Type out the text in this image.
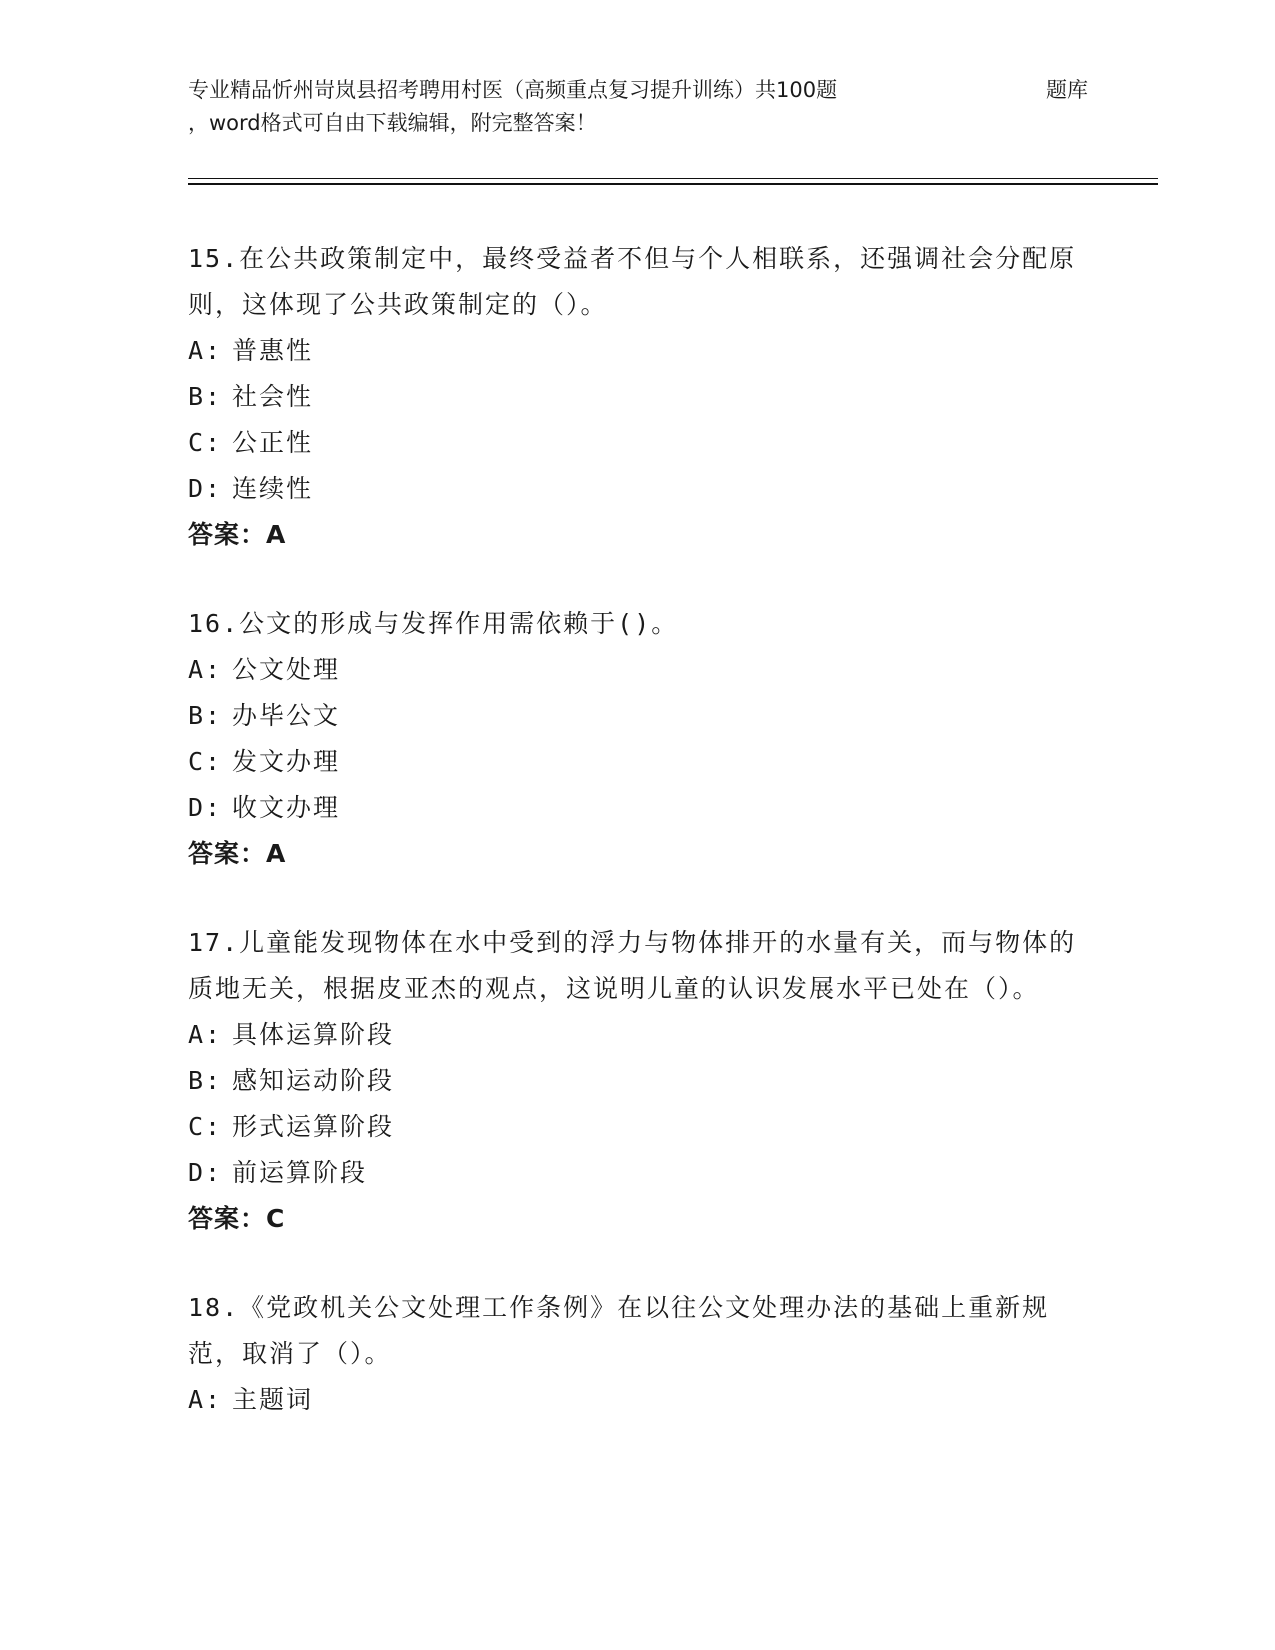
专业精品忻州岢岚县招考聘用村医（高频重点复习提升训练）共100题	题库
，word格式可自由下载编辑，附完整答案！

15.在公共政策制定中，最终受益者不但与个人相联系，还强调社会分配原则，这体现了公共政策制定的（）。

A: 普惠性
B: 社会性
C: 公正性
D: 连续性
答案：A

16.公文的形成与发挥作用需依赖于()。

A: 公文处理
B: 办毕公文
C: 发文办理
D: 收文办理
答案：A

17.儿童能发现物体在水中受到的浮力与物体排开的水量有关，而与物体的质地无关，根据皮亚杰的观点，这说明儿童的认识发展水平已处在（）。

A: 具体运算阶段
B: 感知运动阶段
C: 形式运算阶段
D: 前运算阶段
答案：C

18.《党政机关公文处理工作条例》在以往公文处理办法的基础上重新规范，取消了（）。

A: 主题词
